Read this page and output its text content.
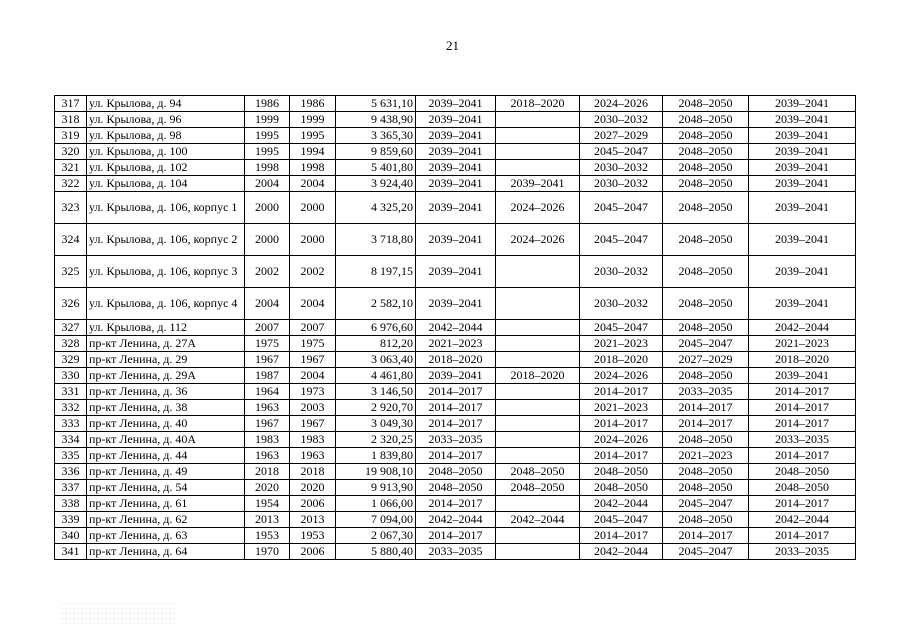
21
317	ул. Крылова, д. 94	1986	1986	5 631,10	2039–2041	2018–2020	2024–2026	2048–2050	2039–2041
318	ул. Крылова, д. 96	1999	1999	9 438,90	2039–2041		2030–2032	2048–2050	2039–2041
319	ул. Крылова, д. 98	1995	1995	3 365,30	2039–2041		2027–2029	2048–2050	2039–2041
320	ул. Крылова, д. 100	1995	1994	9 859,60	2039–2041		2045–2047	2048–2050	2039–2041
321	ул. Крылова, д. 102	1998	1998	5 401,80	2039–2041		2030–2032	2048–2050	2039–2041
322	ул. Крылова, д. 104	2004	2004	3 924,40	2039–2041	2039–2041	2030–2032	2048–2050	2039–2041
323	ул. Крылова, д. 106, корпус 1	2000	2000	4 325,20	2039–2041	2024–2026	2045–2047	2048–2050	2039–2041
324	ул. Крылова, д. 106, корпус 2	2000	2000	3 718,80	2039–2041	2024–2026	2045–2047	2048–2050	2039–2041
325	ул. Крылова, д. 106, корпус 3	2002	2002	8 197,15	2039–2041		2030–2032	2048–2050	2039–2041
326	ул. Крылова, д. 106, корпус 4	2004	2004	2 582,10	2039–2041		2030–2032	2048–2050	2039–2041
327	ул. Крылова, д. 112	2007	2007	6 976,60	2042–2044		2045–2047	2048–2050	2042–2044
328	пр-кт Ленина, д. 27А	1975	1975	812,20	2021–2023		2021–2023	2045–2047	2021–2023
329	пр-кт Ленина, д. 29	1967	1967	3 063,40	2018–2020		2018–2020	2027–2029	2018–2020
330	пр-кт Ленина, д. 29А	1987	2004	4 461,80	2039–2041	2018–2020	2024–2026	2048–2050	2039–2041
331	пр-кт Ленина, д. 36	1964	1973	3 146,50	2014–2017		2014–2017	2033–2035	2014–2017
332	пр-кт Ленина, д. 38	1963	2003	2 920,70	2014–2017		2021–2023	2014–2017	2014–2017
333	пр-кт Ленина, д. 40	1967	1967	3 049,30	2014–2017		2014–2017	2014–2017	2014–2017
334	пр-кт Ленина, д. 40А	1983	1983	2 320,25	2033–2035		2024–2026	2048–2050	2033–2035
335	пр-кт Ленина, д. 44	1963	1963	1 839,80	2014–2017		2014–2017	2021–2023	2014–2017
336	пр-кт Ленина, д. 49	2018	2018	19 908,10	2048–2050	2048–2050	2048–2050	2048–2050	2048–2050
337	пр-кт Ленина, д. 54	2020	2020	9 913,90	2048–2050	2048–2050	2048–2050	2048–2050	2048–2050
338	пр-кт Ленина, д. 61	1954	2006	1 066,00	2014–2017		2042–2044	2045–2047	2014–2017
339	пр-кт Ленина, д. 62	2013	2013	7 094,00	2042–2044	2042–2044	2045–2047	2048–2050	2042–2044
340	пр-кт Ленина, д. 63	1953	1953	2 067,30	2014–2017		2014–2017	2014–2017	2014–2017
341	пр-кт Ленина, д. 64	1970	2006	5 880,40	2033–2035		2042–2044	2045–2047	2033–2035
